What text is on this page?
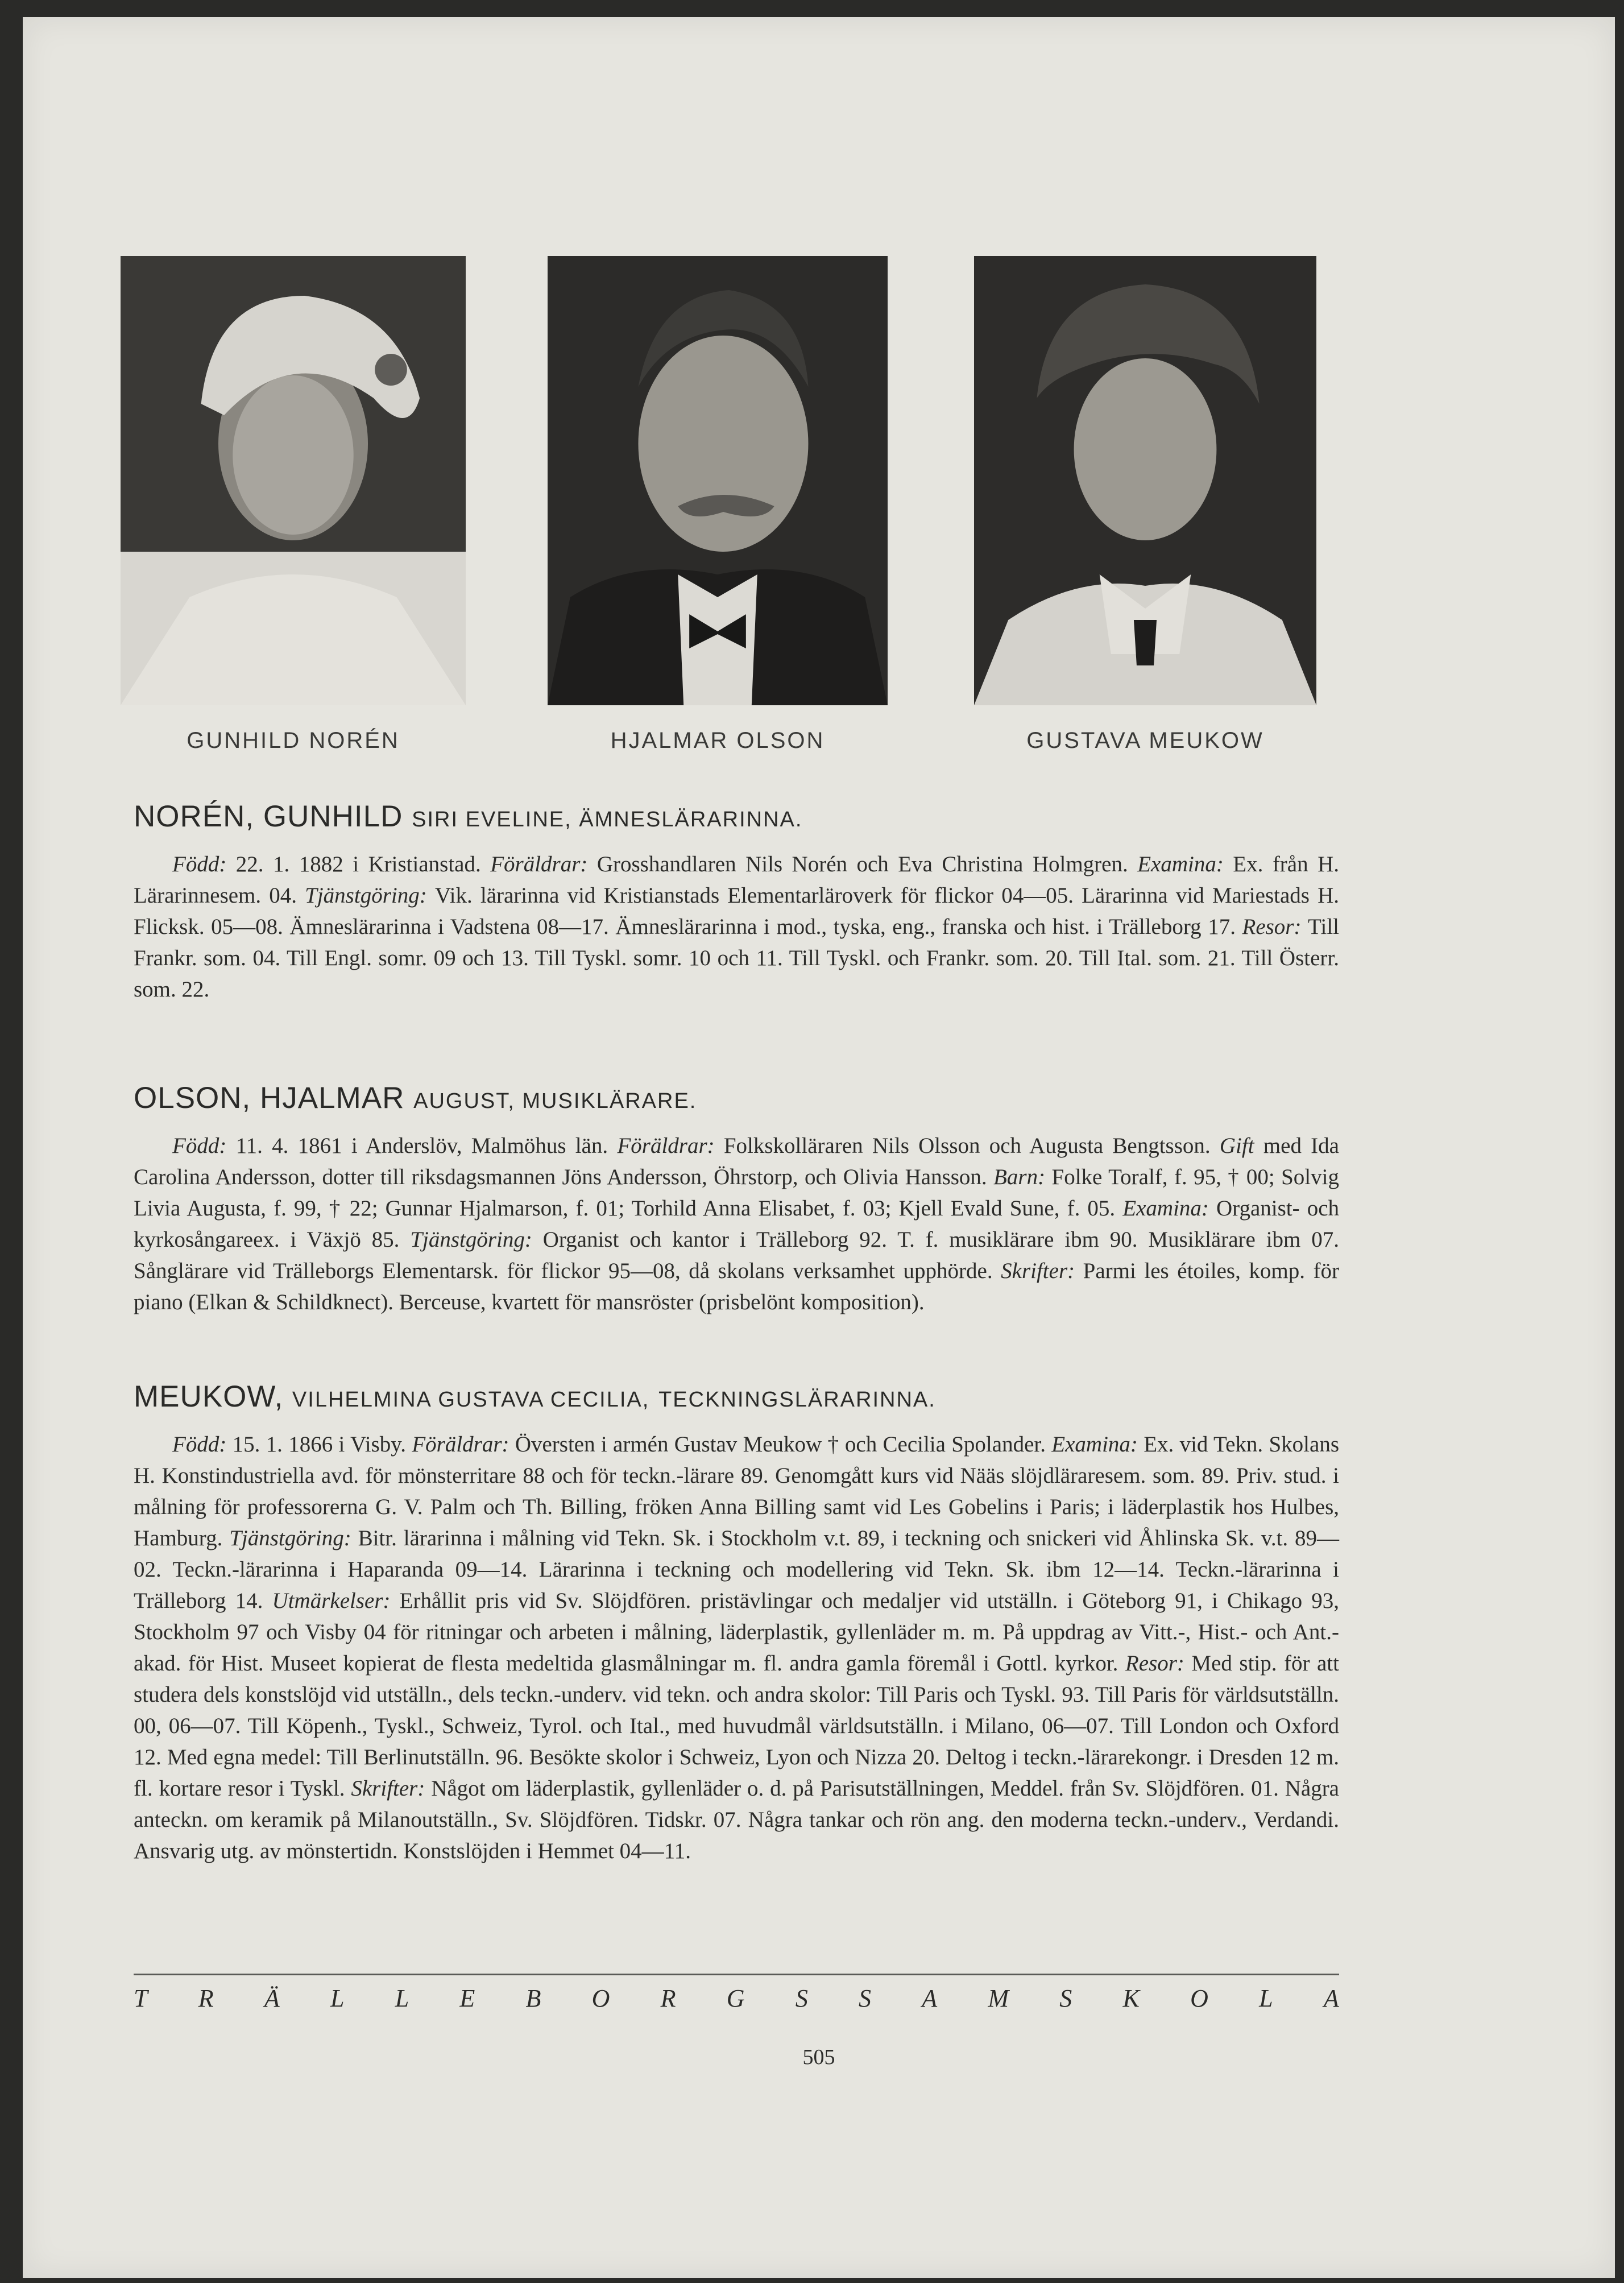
GUNHILD NORÉN	HJALMAR OLSON	GUSTAVA MEUKOW

NORÉN, GUNHILD SIRI EVELINE, ÄMNESLÄRARINNA.

Född: 22. 1. 1882 i Kristianstad. Föräldrar: Grosshandlaren Nils Norén och Eva Christina Holmgren. Examina: Ex. från H. Lärarinnesem. 04. Tjänstgöring: Vik. lärarinna vid Kristianstads Elementarläroverk för flickor 04—05. Lärarinna vid Mariestads H. Flicksk. 05—08. Ämneslärarinna i Vadstena 08—17. Ämneslärarinna i mod., tyska, eng., franska och hist. i Trälleborg 17. Resor: Till Frankr. som. 04. Till Engl. somr. 09 och 13. Till Tyskl. somr. 10 och 11. Till Tyskl. och Frankr. som. 20. Till Ital. som. 21. Till Österr. som. 22.

OLSON, HJALMAR AUGUST, MUSIKLÄRARE.

Född: 11. 4. 1861 i Anderslöv, Malmöhus län. Föräldrar: Folkskolläraren Nils Olsson och Augusta Bengtsson. Gift med Ida Carolina Andersson, dotter till riksdagsmannen Jöns Andersson, Öhrstorp, och Olivia Hansson. Barn: Folke Toralf, f. 95, † 00; Solvig Livia Augusta, f. 99, † 22; Gunnar Hjalmarson, f. 01; Torhild Anna Elisabet, f. 03; Kjell Evald Sune, f. 05. Examina: Organist- och kyrkosångareex. i Växjö 85. Tjänstgöring: Organist och kantor i Trälleborg 92. T. f. musiklärare ibm 90. Musiklärare ibm 07. Sånglärare vid Trälleborgs Elementarsk. för flickor 95—08, då skolans verksamhet upphörde. Skrifter: Parmi les étoiles, komp. för piano (Elkan & Schildknect). Berceuse, kvartett för mansröster (prisbelönt komposition).

MEUKOW, VILHELMINA GUSTAVA CECILIA, TECKNINGSLÄRARINNA.

Född: 15. 1. 1866 i Visby. Föräldrar: Översten i armén Gustav Meukow † och Cecilia Spolander. Examina: Ex. vid Tekn. Skolans H. Konstindustriella avd. för mönsterritare 88 och för teckn.-lärare 89. Genomgått kurs vid Nääs slöjdläraresem. som. 89. Priv. stud. i målning för professorerna G. V. Palm och Th. Billing, fröken Anna Billing samt vid Les Gobelins i Paris; i läderplastik hos Hulbes, Hamburg. Tjänstgöring: Bitr. lärarinna i målning vid Tekn. Sk. i Stockholm v.t. 89, i teckning och snickeri vid Åhlinska Sk. v.t. 89—02. Teckn.-lärarinna i Haparanda 09—14. Lärarinna i teckning och modellering vid Tekn. Sk. ibm 12—14. Teckn.-lärarinna i Trälleborg 14. Utmärkelser: Erhållit pris vid Sv. Slöjdfören. pristävlingar och medaljer vid utställn. i Göteborg 91, i Chikago 93, Stockholm 97 och Visby 04 för ritningar och arbeten i målning, läderplastik, gyllenläder m. m. På uppdrag av Vitt.-, Hist.- och Ant.-akad. för Hist. Museet kopierat de flesta medeltida glasmålningar m. fl. andra gamla föremål i Gottl. kyrkor. Resor: Med stip. för att studera dels konstslöjd vid utställn., dels teckn.-underv. vid tekn. och andra skolor: Till Paris och Tyskl. 93. Till Paris för världsutställn. 00, 06—07. Till Köpenh., Tyskl., Schweiz, Tyrol. och Ital., med huvudmål världsutställn. i Milano, 06—07. Till London och Oxford 12. Med egna medel: Till Berlinutställn. 96. Besökte skolor i Schweiz, Lyon och Nizza 20. Deltog i teckn.-lärarekongr. i Dresden 12 m. fl. kortare resor i Tyskl. Skrifter: Något om läderplastik, gyllenläder o. d. på Parisutställningen, Meddel. från Sv. Slöjdfören. 01. Några anteckn. om keramik på Milanoutställn., Sv. Slöjdfören. Tidskr. 07. Några tankar och rön ang. den moderna teckn.-underv., Verdandi. Ansvarig utg. av mönstertidn. Konstslöjden i Hemmet 04—11.

T R Ä L L E B O R G S S A M S K O L A
505
